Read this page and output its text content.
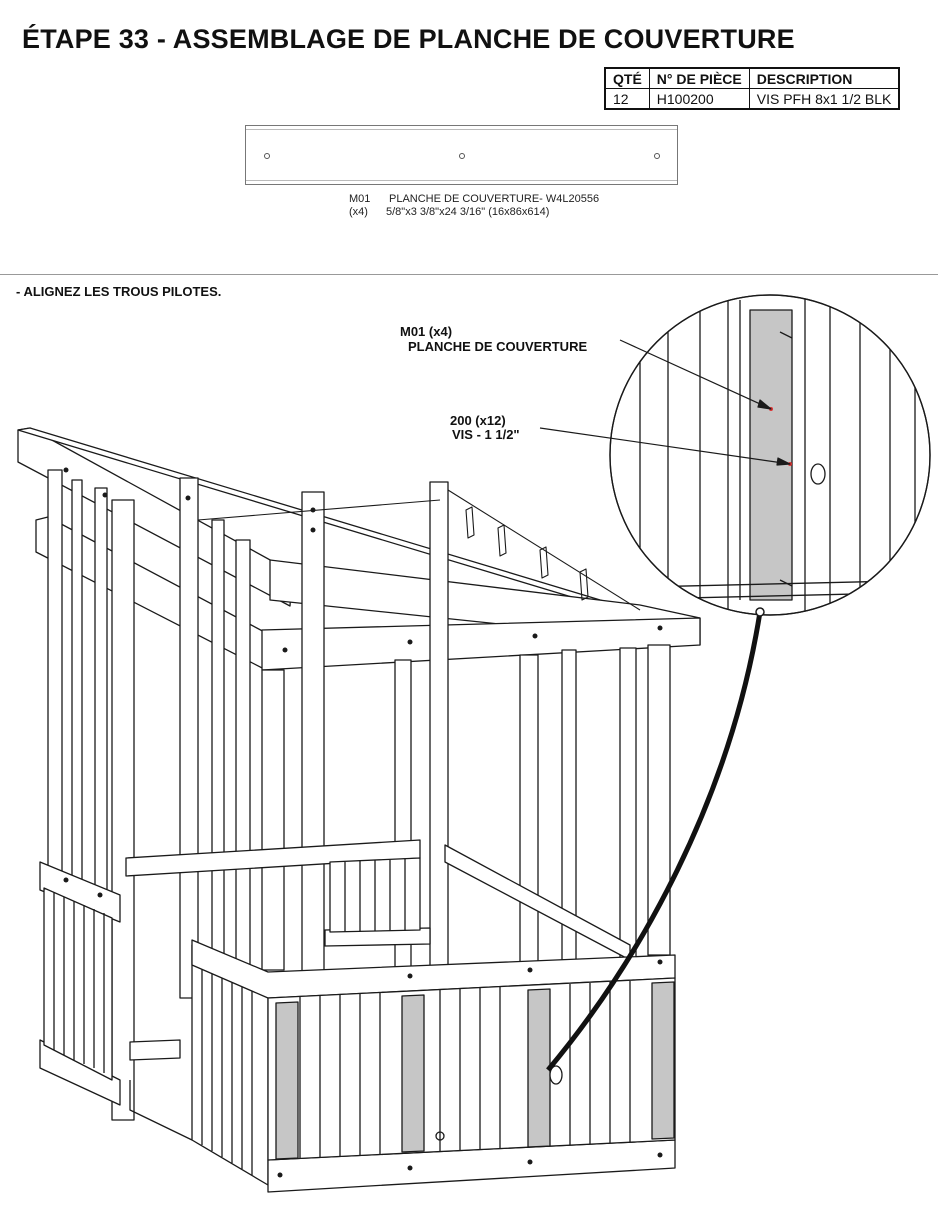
ÉTAPE 33 - ASSEMBLAGE DE PLANCHE DE COUVERTURE
QTÉ	N° DE PIÈCE	DESCRIPTION
12	H100200	VIS PFH 8x1 1/2 BLK
M01 PLANCHE DE COUVERTURE- W4L20556
(x4) 5/8"x3 3/8"x24 3/16" (16x86x614)
- ALIGNEZ LES TROUS PILOTES.
M01 (x4)
PLANCHE DE COUVERTURE
200 (x12)
VIS - 1 1/2"
